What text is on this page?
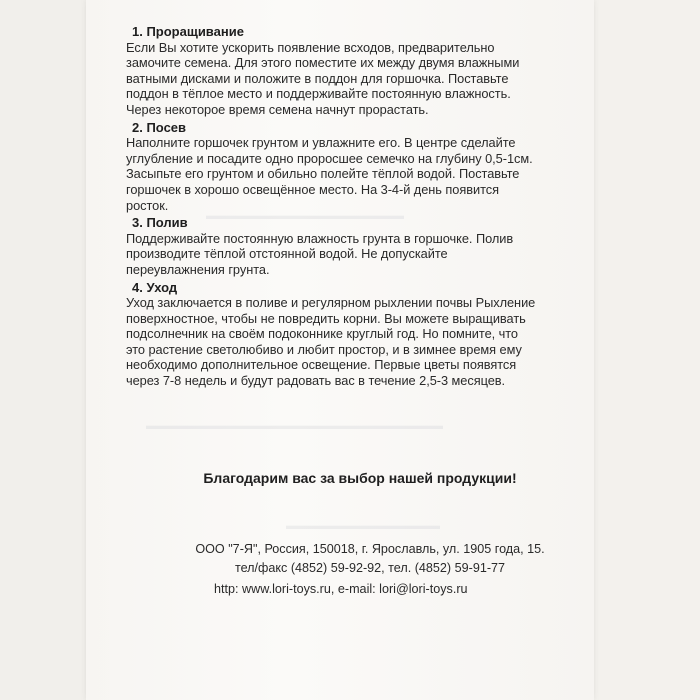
▬▬▬▬▬▬▬▬▬▬▬▬▬▬▬▬▬▬
▬▬▬▬▬▬▬▬▬▬▬▬▬▬▬▬▬▬▬▬▬▬▬▬▬▬▬
▬▬▬▬▬▬▬▬▬▬▬▬▬▬
1. Проращивание
Если Вы хотите ускорить появление всходов, предварительно
замочите семена. Для этого поместите их между двумя влажными
ватными дисками и положите в поддон для горшочка. Поставьте
поддон в тёплое место и поддерживайте постоянную влажность.
Через некоторое время семена начнут прорастать.
2. Посев
Наполните горшочек грунтом и увлажните его. В центре сделайте
углубление и посадите одно проросшее семечко на глубину 0,5-1см.
Засыпьте его грунтом и обильно полейте тёплой водой. Поставьте
горшочек в хорошо освещённое место. На 3-4-й день появится
росток.
3. Полив
Поддерживайте постоянную влажность грунта в горшочке. Полив
производите тёплой отстоянной водой. Не допускайте
переувлажнения грунта.
4. Уход
Уход заключается в поливе и регулярном рыхлении почвы Рыхление
поверхностное, чтобы не повредить корни. Вы можете выращивать
подсолнечник на своём подоконнике круглый год. Но помните, что
это растение светолюбиво и любит простор, и в зимнее время ему
необходимо дополнительное освещение. Первые цветы появятся
через 7-8 недель и будут радовать вас в течение 2,5-3 месяцев.
Благодарим вас за выбор нашей продукции!
ООО "7-Я", Россия, 150018, г. Ярославль, ул. 1905 года, 15.
тел/факс (4852) 59-92-92, тел. (4852) 59-91-77
http: www.lori-toys.ru, e-mail: lori@lori-toys.ru
